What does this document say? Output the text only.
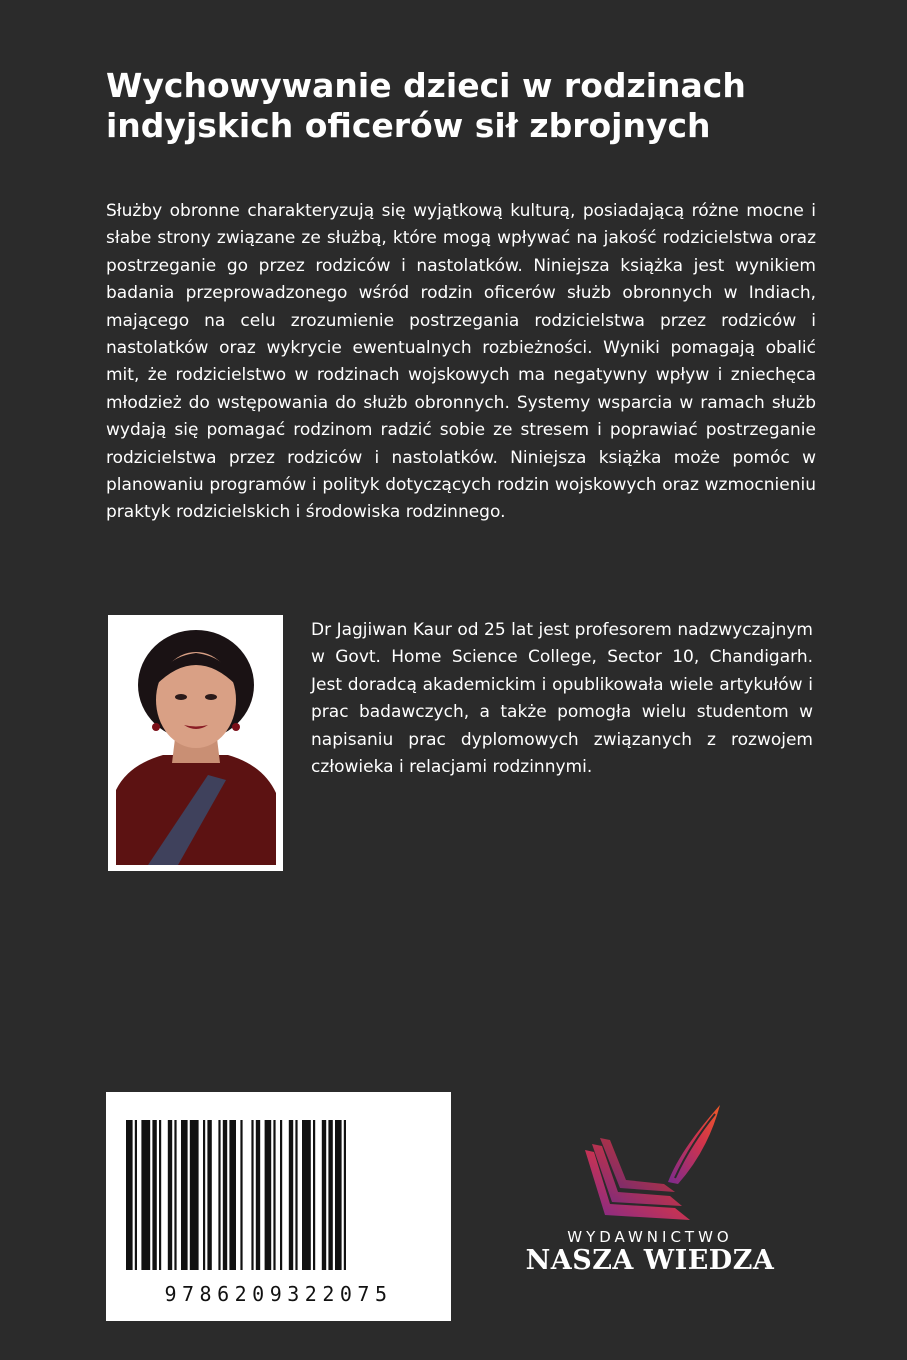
Wychowywanie dzieci w rodzinach indyjskich oficerów sił zbrojnych

Służby obronne charakteryzują się wyjątkową kulturą, posiadającą różne mocne i słabe strony związane ze służbą, które mogą wpływać na jakość rodzicielstwa oraz postrzeganie go przez rodziców i nastolatków. Niniejsza książka jest wynikiem badania przeprowadzonego wśród rodzin oficerów służb obronnych w Indiach, mającego na celu zrozumienie postrzegania rodzicielstwa przez rodziców i nastolatków oraz wykrycie ewentualnych rozbieżności. Wyniki pomagają obalić mit, że rodzicielstwo w rodzinach wojskowych ma negatywny wpływ i zniechęca młodzież do wstępowania do służb obronnych. Systemy wsparcia w ramach służb wydają się pomagać rodzinom radzić sobie ze stresem i poprawiać postrzeganie rodzicielstwa przez rodziców i nastolatków. Niniejsza książka może pomóc w planowaniu programów i polityk dotyczących rodzin wojskowych oraz wzmocnieniu praktyk rodzicielskich i środowiska rodzinnego.

Dr Jagjiwan Kaur od 25 lat jest profesorem nadzwyczajnym w Govt. Home Science College, Sector 10, Chandigarh. Jest doradcą akademickim i opublikowała wiele artykułów i prac badawczych, a także pomogła wielu studentom w napisaniu prac dyplomowych związanych z rozwojem człowieka i relacjami rodzinnymi.

9786209322075
WYDAWNICTWO
NASZA WIEDZA
